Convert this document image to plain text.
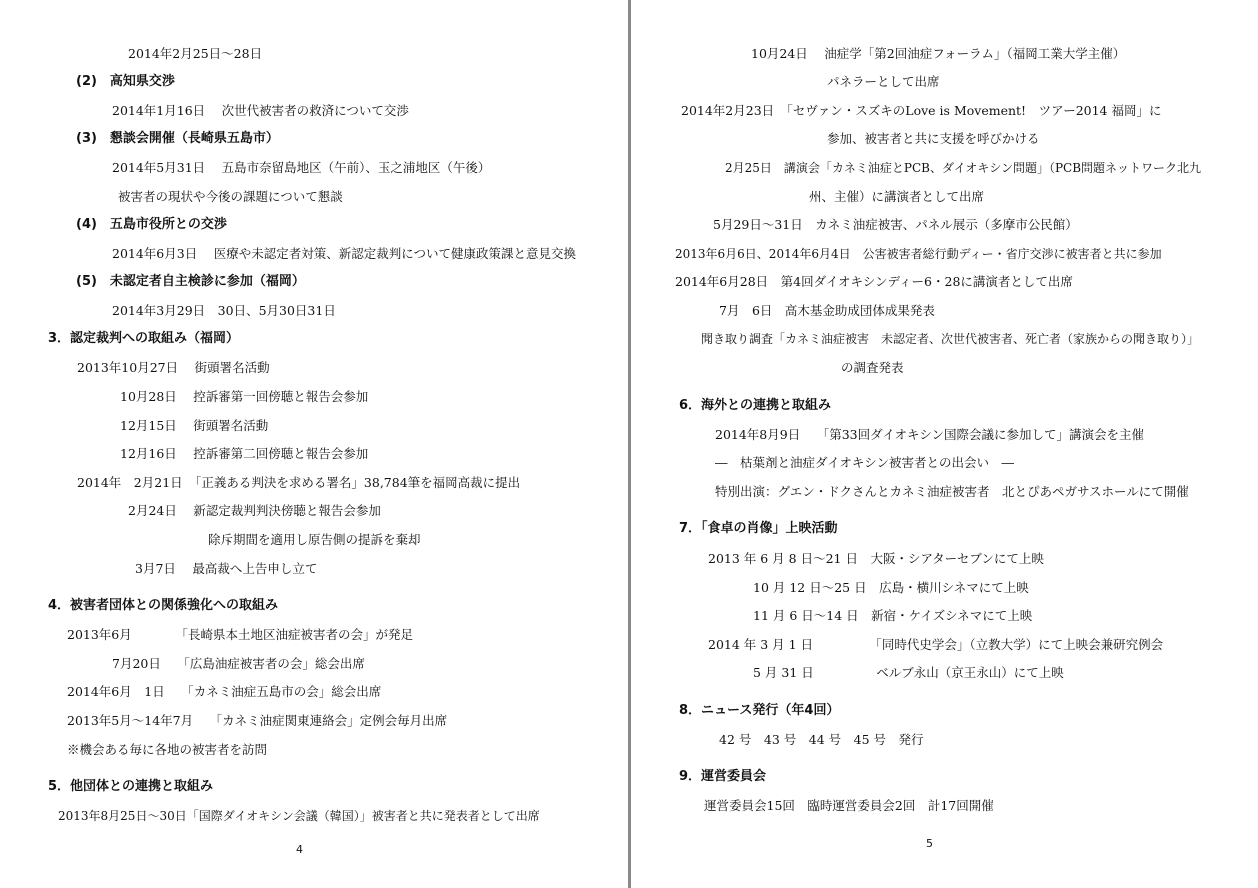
2014年2月25日～28日
(2)　高知県交渉
2014年1月16日　 次世代被害者の救済について交渉
(3)　懇談会開催（長崎県五島市）
2014年5月31日　 五島市奈留島地区（午前）、玉之浦地区（午後）
被害者の現状や今後の課題について懇談
(4)　五島市役所との交渉
2014年6月3日　 医療や未認定者対策、新認定裁判について健康政策課と意見交換
(5)　未認定者自主検診に参加（福岡）
2014年3月29日　30日、5月30日31日
3．認定裁判への取組み（福岡）
2013年10月27日　 街頭署名活動
10月28日　 控訴審第一回傍聴と報告会参加
12月15日　 街頭署名活動
12月16日　 控訴審第二回傍聴と報告会参加
2014年　2月21日　「正義ある判決を求める署名」38,784筆を福岡高裁に提出
2月24日　 新認定裁判判決傍聴と報告会参加
除斥期間を適用し原告側の提訴を棄却
3月7日　 最高裁へ上告申し立て
4．被害者団体との関係強化への取組み
2013年6月　　　　「長崎県本土地区油症被害者の会」が発足
7月20日　 「広島油症被害者の会」総会出席
2014年6月　1日　 「カネミ油症五島市の会」総会出席
2013年5月～14年7月　 「カネミ油症関東連絡会」定例会毎月出席
※機会ある毎に各地の被害者を訪問
5．他団体との連携と取組み
2013年8月25日～30日「国際ダイオキシン会議（韓国）」被害者と共に発表者として出席
4
10月24日　 油症学「第2回油症フォーラム」（福岡工業大学主催）
パネラーとして出席
2014年2月23日　「セヴァン・スズキのLove is Movement!　ツアー2014 福岡」に
参加、被害者と共に支援を呼びかける
2月25日　講演会「カネミ油症とPCB、ダイオキシン問題」（PCB問題ネットワーク北九
州、主催）に講演者として出席
5月29日～31日　カネミ油症被害、パネル展示（多摩市公民館）
2013年6月6日、2014年6月4日　公害被害者総行動ディー・省庁交渉に被害者と共に参加
2014年6月28日　第4回ダイオキシンディー6・28に講演者として出席
7月　6日　高木基金助成団体成果発表
聞き取り調査「カネミ油症被害　未認定者、次世代被害者、死亡者（家族からの聞き取り）」
の調査発表
6．海外との連携と取組み
2014年8月9日　 「第33回ダイオキシン国際会議に参加して」講演会を主催
―　枯葉剤と油症ダイオキシン被害者との出会い　―
特別出演：グエン・ドクさんとカネミ油症被害者　北とぴあペガサスホールにて開催
7．「食卓の肖像」上映活動
2013 年 6 月 8 日～21 日　大阪・シアターセブンにて上映
10 月 12 日～25 日　広島・横川シネマにて上映
11 月 6 日～14 日　新宿・ケイズシネマにて上映
2014 年 3 月 1 日　　　　　「同時代史学会」（立教大学）にて上映会兼研究例会
5 月 31 日　　　　　ベルブ永山（京王永山）にて上映
8．ニュース発行（年4回）
42 号　43 号　44 号　45 号　発行
9．運営委員会
運営委員会15回　臨時運営委員会2回　計17回開催
5
